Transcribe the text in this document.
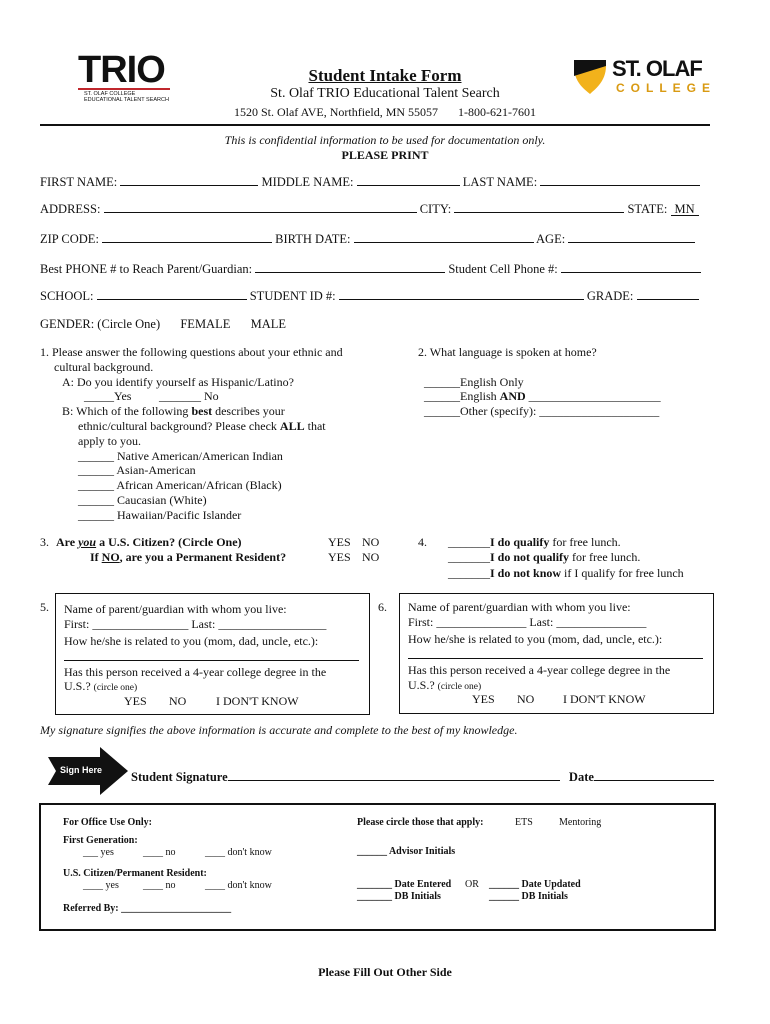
TRIO
ST. OLAF COLLEGE
EDUCATIONAL TALENT SEARCH
Student Intake Form
St. Olaf TRIO Educational Talent Search
1520 St. Olaf AVE, Northfield, MN 55057 1-800-621-7601
ST. OLAF
COLLEGE
This is confidential information to be used for documentation only.
PLEASE PRINT
FIRST NAME:	MIDDLE NAME:	LAST NAME:
ADDRESS:	CITY:	STATE: MN
ZIP CODE:	BIRTH DATE:	AGE:
Best PHONE # to Reach Parent/Guardian:	Student Cell Phone #:
SCHOOL:	STUDENT ID #:	GRADE:
GENDER: (Circle One) FEMALE MALE
1. Please answer the following questions about your ethnic and
cultural background.
A: Do you identify yourself as Hispanic/Latino?
_____Yes _______ No
B: Which of the following best describes your
ethnic/cultural background? Please check ALL that
apply to you.
______ Native American/American Indian
______ Asian-American
______ African American/African (Black)
______ Caucasian (White)
______ Hawaiian/Pacific Islander
2. What language is spoken at home?
______English Only
______English AND ______________________
______Other (specify): ____________________
3. Are you a U.S. Citizen? (Circle One)
If NO, are you a Permanent Resident?
YES NO
YES NO
4.	_______I do qualify for free lunch.
_______I do not qualify for free lunch.
_______I do not know if I qualify for free lunch
5. Name of parent/guardian with whom you live:
First: ________________ Last: __________________
How he/she is related to you (mom, dad, uncle, etc.):
Has this person received a 4-year college degree in the
U.S.? (circle one)
YES NO I DON'T KNOW
6. Name of parent/guardian with whom you live:
First: _______________ Last: _______________
How he/she is related to you (mom, dad, uncle, etc.):
Has this person received a 4-year college degree in the
U.S.? (circle one)
YES NO I DON'T KNOW
My signature signifies the above information is accurate and complete to the best of my knowledge.
Sign Here Student Signature	Date
For Office Use Only:	Please circle those that apply:	ETS	Mentoring
First Generation:
___ yes	____ no	____ don't know	______ Advisor Initials
U.S. Citizen/Permanent Resident:
____ yes ____ no	____ don't know	_______ Date Entered OR ______ Date Updated
_______ DB Initials	______ DB Initials
Referred By: ______________________
Please Fill Out Other Side
